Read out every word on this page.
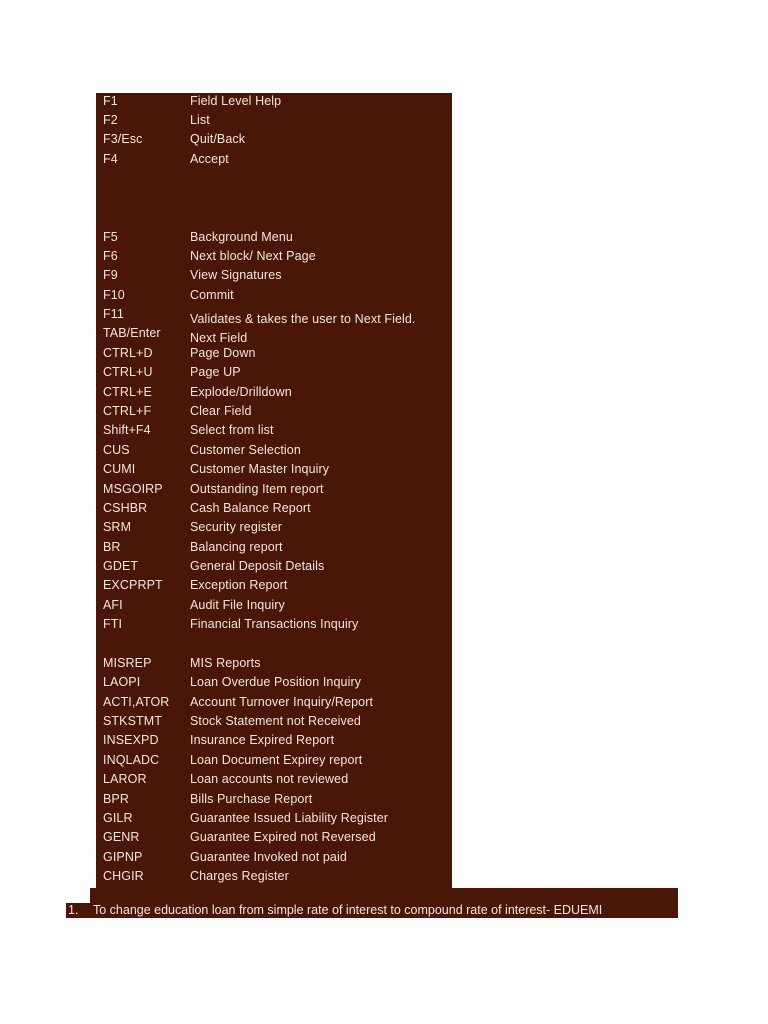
F1	Field Level Help
F2	List
F3/Esc	Quit/Back
F4	Accept
F5	Background Menu
F6	Next block/ Next Page
F9	View Signatures
F10	Commit
F11	Validates & takes the user to Next Field.
TAB/Enter Next Field
CTRL+D	Page Down
CTRL+U	Page UP
CTRL+E	Explode/Drilldown
CTRL+F	Clear Field
Shift+F4	Select from list
CUS	Customer Selection
CUMI	Customer Master Inquiry
MSGOIRP Outstanding Item report
CSHBR	Cash Balance Report
SRM	Security register
BR	Balancing report
GDET	General Deposit Details
EXCPRPT Exception Report
AFI	Audit File Inquiry
FTI	Financial Transactions Inquiry
MISREP	MIS Reports
LAOPI	Loan Overdue Position Inquiry
ACTI,ATOR Account Turnover Inquiry/Report
STKSTMT Stock Statement not Received
INSEXPD	Insurance Expired Report
INQLADC Loan Document Expirey report
LAROR	Loan accounts not reviewed
BPR	Bills Purchase Report
GILR	Guarantee Issued Liability Register
GENR	Guarantee Expired not Reversed
GIPNP	Guarantee Invoked not paid
CHGIR	Charges Register
1. To change education loan from simple rate of interest to compound rate of interest- EDUEMI
